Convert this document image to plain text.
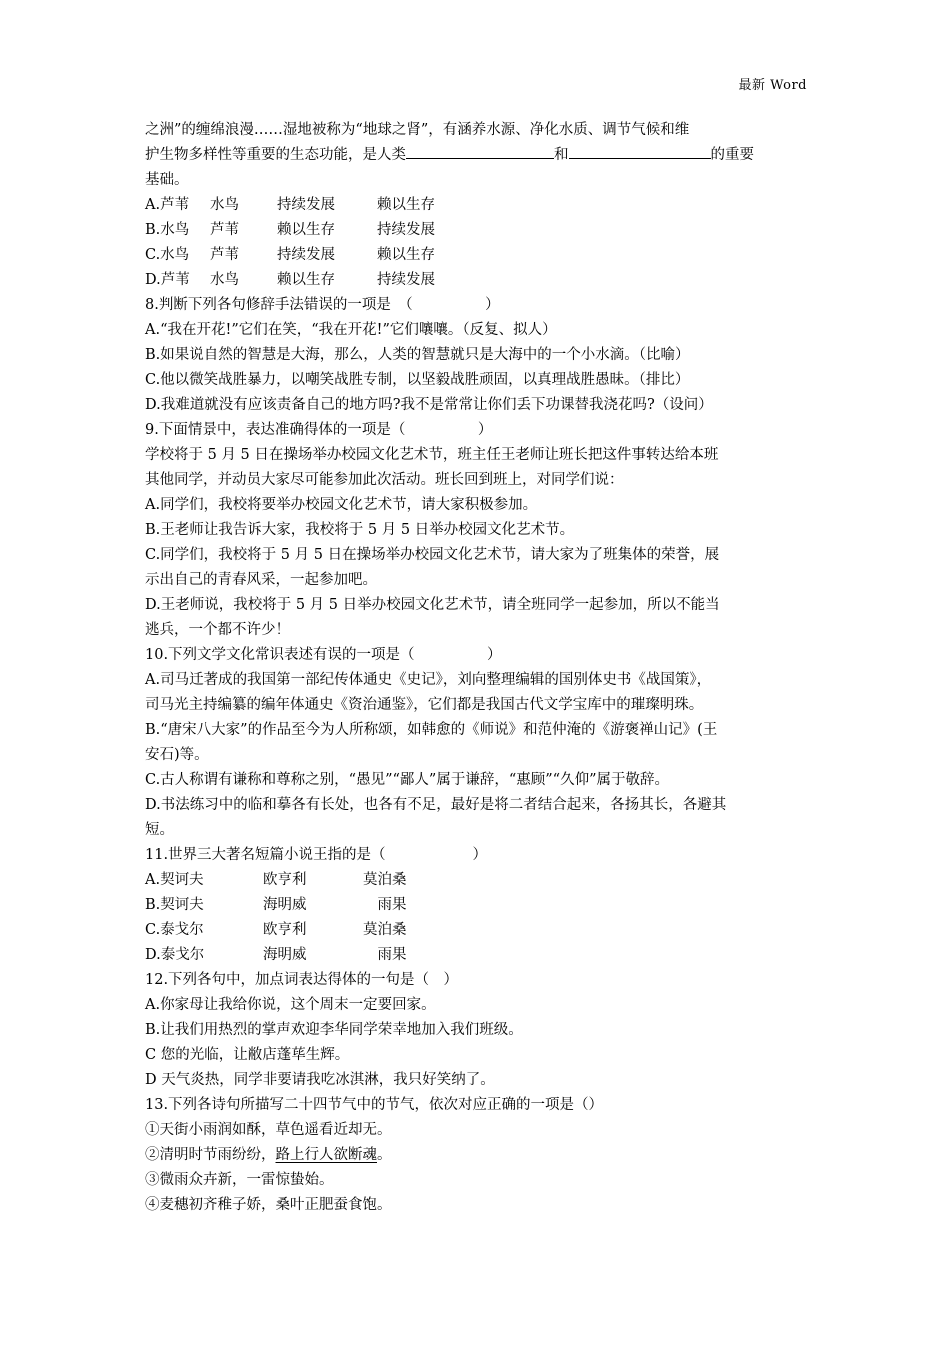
最新 Word
之洲”的缠绵浪漫……湿地被称为“地球之肾”，有涵养水源、净化水质、调节气候和维
护生物多样性等重要的生态功能，是人类	和	的重要
基础。
A.芦苇 水鸟	持续发展	赖以生存
B.水鸟 芦苇	赖以生存	持续发展
C.水鸟 芦苇	持续发展	赖以生存
D.芦苇 水鸟	赖以生存	持续发展
8.判断下列各句修辞手法错误的一项是　（　　　　　）
A.“我在开花!”它们在笑，“我在开花!”它们嚷嚷。（反复、拟人）
B.如果说自然的智慧是大海，那么，人类的智慧就只是大海中的一个小水滴。（比喻）
C.他以微笑战胜暴力，以嘲笑战胜专制，以坚毅战胜顽固，以真理战胜愚昧。（排比）
D.我难道就没有应该责备自己的地方吗?我不是常常让你们丢下功课替我浇花吗?（设问）
9.下面情景中，表达准确得体的一项是（　　　　　）
学校将于 5 月 5 日在操场举办校园文化艺术节，班主任王老师让班长把这件事转达给本班
其他同学，并动员大家尽可能参加此次活动。班长回到班上，对同学们说：
A.同学们，我校将要举办校园文化艺术节，请大家积极参加。
B.王老师让我告诉大家，我校将于 5 月 5 日举办校园文化艺术节。
C.同学们，我校将于 5 月 5 日在操场举办校园文化艺术节，请大家为了班集体的荣誉，展
示出自己的青春风采，一起参加吧。
D.王老师说，我校将于 5 月 5 日举办校园文化艺术节，请全班同学一起参加，所以不能当
逃兵，一个都不许少！
10.下列文学文化常识表述有误的一项是（　　　　　）
A.司马迁著成的我国第一部纪传体通史《史记》，刘向整理编辑的国别体史书《战国策》，
司马光主持编纂的编年体通史《资治通鉴》，它们都是我国古代文学宝库中的璀璨明珠。
B.“唐宋八大家”的作品至今为人所称颂，如韩愈的《师说》和范仲淹的《游褒禅山记》(王
安石)等。
C.古人称谓有谦称和尊称之别，“愚见”“鄙人”属于谦辞，“惠顾”“久仰”属于敬辞。
D.书法练习中的临和摹各有长处，也各有不足，最好是将二者结合起来，各扬其长，各避其
短。
11.世界三大著名短篇小说王指的是（　　　　　　）
A.契诃夫	欧亨利	莫泊桑
B.契诃夫	海明威	　雨果
C.泰戈尔	欧亨利	莫泊桑
D.泰戈尔	海明威	　雨果
12.下列各句中，加点词表达得体的一句是（　）
A.你家母让我给你说，这个周末一定要回家。
B.让我们用热烈的掌声欢迎李华同学荣幸地加入我们班级。
C 您的光临，让敝店蓬荜生辉。
D 天气炎热，同学非要请我吃冰淇淋，我只好笑纳了。
13.下列各诗句所描写二十四节气中的节气，依次对应正确的一项是（）
①天街小雨润如酥，草色遥看近却无。
②清明时节雨纷纷，路上行人欲断魂。
③微雨众卉新，一雷惊蛰始。
④麦穗初齐稚子娇，桑叶正肥蚕食饱。
